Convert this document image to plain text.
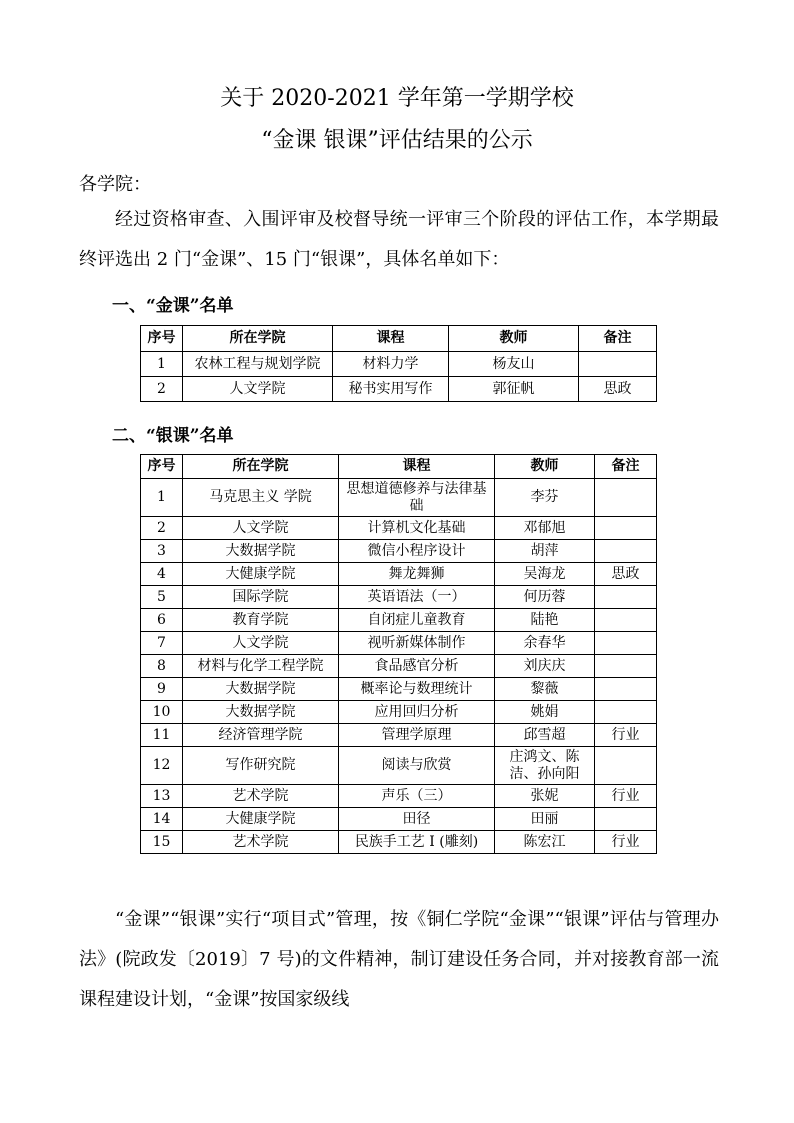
关于 2020-2021 学年第一学期学校
“金课 银课”评估结果的公示
各学院：

经过资格审查、入围评审及校督导统一评审三个阶段的评估工作，本学期最终评选出 2 门“金课”、15 门“银课”，具体名单如下：

一、“金课”名单
序号	所在学院	课程	教师	备注
1	农林工程与规划学院	材料力学	杨友山	
2	人文学院	秘书实用写作	郭征帆	思政
二、“银课”名单
序号	所在学院	课程	教师	备注
1	马克思主义 学院	思想道德修养与法律基础	李芬	
2	人文学院	计算机文化基础	邓郁旭	
3	大数据学院	微信小程序设计	胡萍	
4	大健康学院	舞龙舞狮	吴海龙	思政
5	国际学院	英语语法（一）	何历蓉	
6	教育学院	自闭症儿童教育	陆艳	
7	人文学院	视听新媒体制作	余春华	
8	材料与化学工程学院	食品感官分析	刘庆庆	
9	大数据学院	概率论与数理统计	黎薇	
10	大数据学院	应用回归分析	姚娟	
11	经济管理学院	管理学原理	邱雪超	行业
12	写作研究院	阅读与欣赏	庄鸿文、陈洁、孙向阳	
13	艺术学院	声乐（三）	张妮	行业
14	大健康学院	田径	田丽	
15	艺术学院	民族手工艺 I (雕刻)	陈宏江	行业

“金课”“银课”实行“项目式”管理，按《铜仁学院“金课”“银课”评估与管理办法》(院政发〔2019〕7 号)的文件精神，制订建设任务合同，并对接教育部一流课程建设计划，“金课”按国家级线
